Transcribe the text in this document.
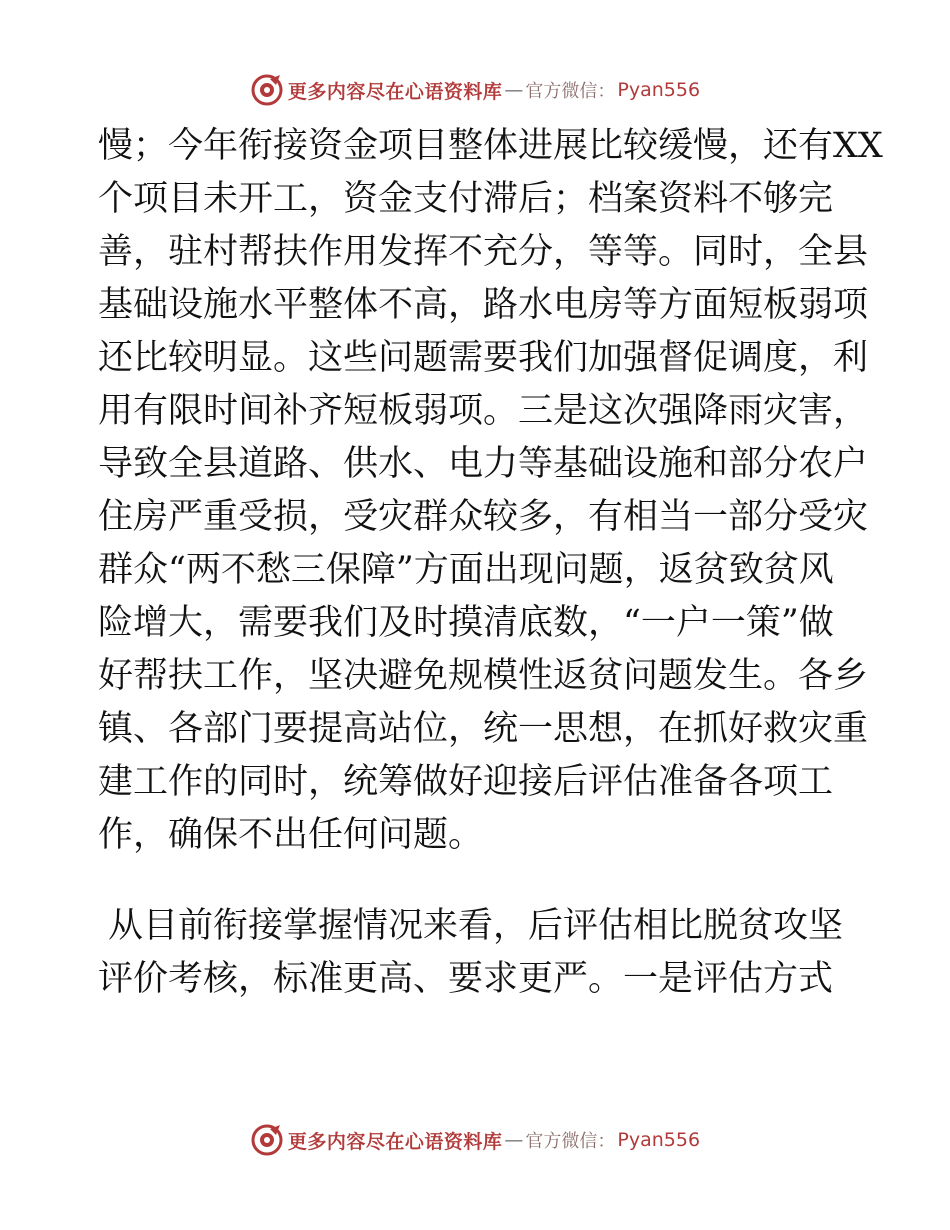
更多内容尽在心语资料库 — 官方微信： Pyan556
慢；今年衔接资金项目整体进展比较缓慢，还有XX
个项目未开工，资金支付滞后；档案资料不够完
善，驻村帮扶作用发挥不充分，等等。同时，全县
基础设施水平整体不高，路水电房等方面短板弱项
还比较明显。这些问题需要我们加强督促调度，利
用有限时间补齐短板弱项。三是这次强降雨灾害，
导致全县道路、供水、电力等基础设施和部分农户
住房严重受损，受灾群众较多，有相当一部分受灾
群众“两不愁三保障”方面出现问题，返贫致贫风
险增大，需要我们及时摸清底数，“一户一策”做
好帮扶工作，坚决避免规模性返贫问题发生。各乡
镇、各部门要提高站位，统一思想，在抓好救灾重
建工作的同时，统筹做好迎接后评估准备各项工
作，确保不出任何问题。
从目前衔接掌握情况来看，后评估相比脱贫攻坚
评价考核，标准更高、要求更严。一是评估方式
更多内容尽在心语资料库 — 官方微信： Pyan556
